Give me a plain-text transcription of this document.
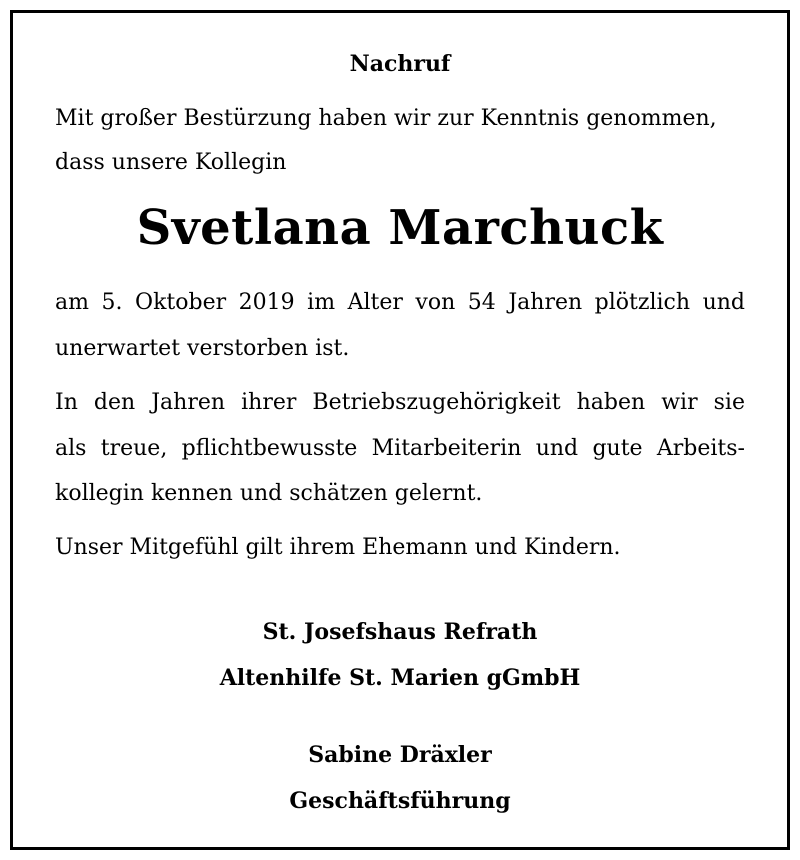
Nachruf
Mit großer Bestürzung haben wir zur Kenntnis genommen,
dass unsere Kollegin
Svetlana Marchuck
am 5. Oktober 2019 im Alter von 54 Jahren plötzlich und
unerwartet verstorben ist.
In den Jahren ihrer Betriebszugehörigkeit haben wir sie
als treue, pflichtbewusste Mitarbeiterin und gute Arbeits-
kollegin kennen und schätzen gelernt.
Unser Mitgefühl gilt ihrem Ehemann und Kindern.
St. Josefshaus Refrath
Altenhilfe St. Marien gGmbH
Sabine Dräxler
Geschäftsführung
